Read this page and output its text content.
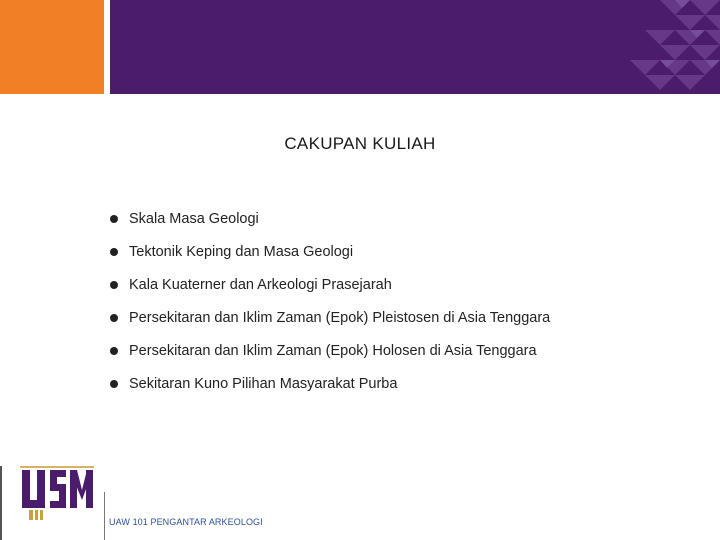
CAKUPAN KULIAH
Skala Masa Geologi
Tektonik Keping dan Masa Geologi
Kala Kuaterner dan Arkeologi Prasejarah
Persekitaran dan Iklim Zaman (Epok) Pleistosen di Asia Tenggara
Persekitaran dan Iklim Zaman (Epok) Holosen di Asia Tenggara
Sekitaran Kuno Pilihan Masyarakat Purba
UAW 101 PENGANTAR ARKEOLOGI
